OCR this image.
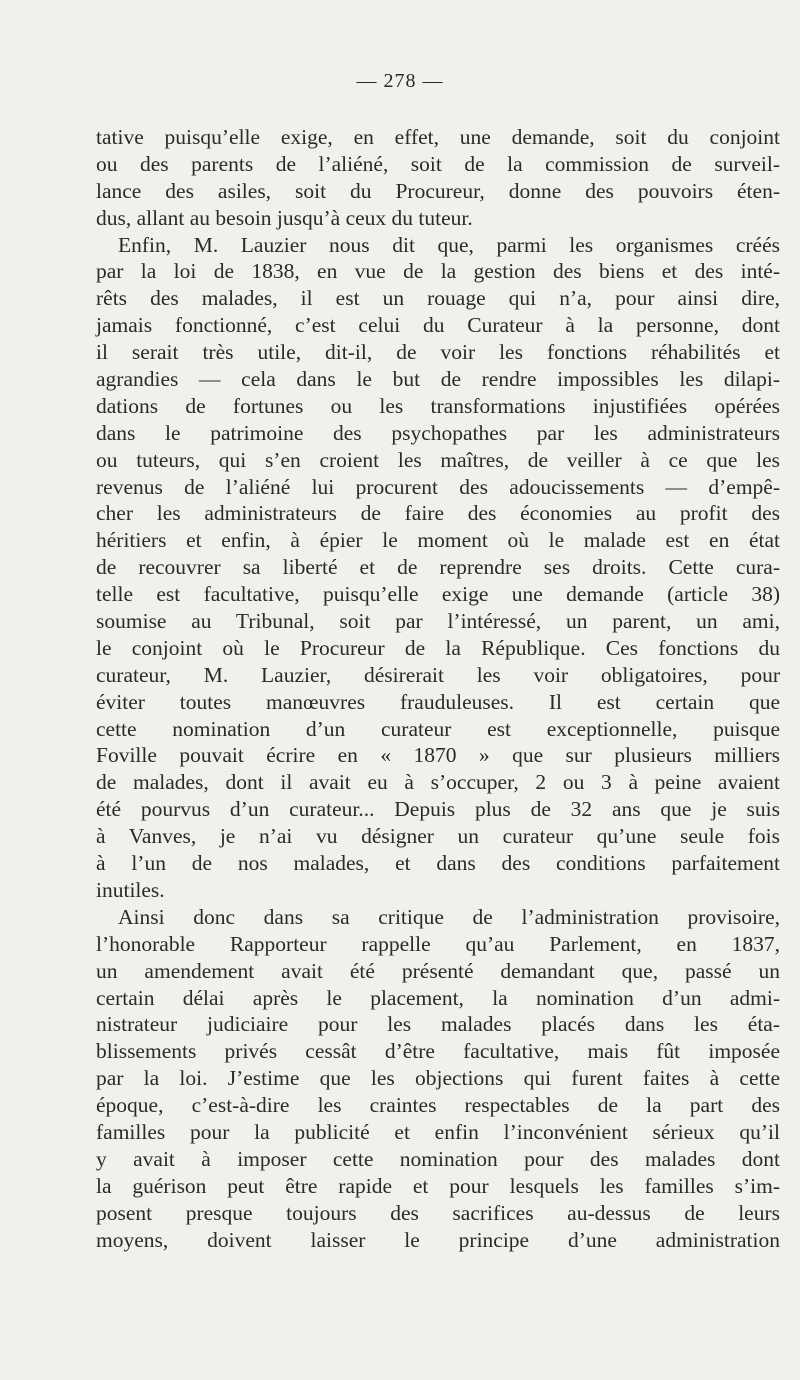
— 278 —
tative puisqu’elle exige, en effet, une demande, soit du conjoint
ou des parents de l’aliéné, soit de la commission de surveil-
lance des asiles, soit du Procureur, donne des pouvoirs éten-
dus, allant au besoin jusqu’à ceux du tuteur.
Enfin, M. Lauzier nous dit que, parmi les organismes créés
par la loi de 1838, en vue de la gestion des biens et des inté-
rêts des malades, il est un rouage qui n’a, pour ainsi dire,
jamais fonctionné, c’est celui du Curateur à la personne, dont
il serait très utile, dit-il, de voir les fonctions réhabilités et
agrandies — cela dans le but de rendre impossibles les dilapi-
dations de fortunes ou les transformations injustifiées opérées
dans le patrimoine des psychopathes par les administrateurs
ou tuteurs, qui s’en croient les maîtres, de veiller à ce que les
revenus de l’aliéné lui procurent des adoucissements — d’empê-
cher les administrateurs de faire des économies au profit des
héritiers et enfin, à épier le moment où le malade est en état
de recouvrer sa liberté et de reprendre ses droits. Cette cura-
telle est facultative, puisqu’elle exige une demande (article 38)
soumise au Tribunal, soit par l’intéressé, un parent, un ami,
le conjoint où le Procureur de la République. Ces fonctions du
curateur, M. Lauzier, désirerait les voir obligatoires, pour
éviter toutes manœuvres frauduleuses. Il est certain que
cette nomination d’un curateur est exceptionnelle, puisque
Foville pouvait écrire en « 1870 » que sur plusieurs milliers
de malades, dont il avait eu à s’occuper, 2 ou 3 à peine avaient
été pourvus d’un curateur... Depuis plus de 32 ans que je suis
à Vanves, je n’ai vu désigner un curateur qu’une seule fois
à l’un de nos malades, et dans des conditions parfaitement
inutiles.
Ainsi donc dans sa critique de l’administration provisoire,
l’honorable Rapporteur rappelle qu’au Parlement, en 1837,
un amendement avait été présenté demandant que, passé un
certain délai après le placement, la nomination d’un admi-
nistrateur judiciaire pour les malades placés dans les éta-
blissements privés cessât d’être facultative, mais fût imposée
par la loi. J’estime que les objections qui furent faites à cette
époque, c’est-à-dire les craintes respectables de la part des
familles pour la publicité et enfin l’inconvénient sérieux qu’il
y avait à imposer cette nomination pour des malades dont
la guérison peut être rapide et pour lesquels les familles s’im-
posent presque toujours des sacrifices au-dessus de leurs
moyens, doivent laisser le principe d’une administration
